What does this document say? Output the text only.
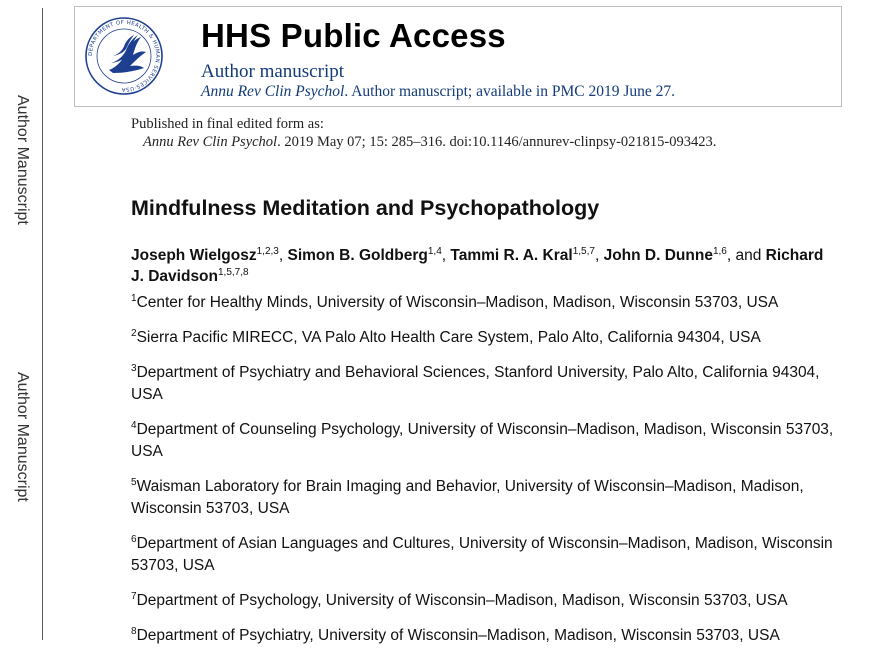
Author Manuscript
Author Manuscript
DEPARTMENT OF HEALTH & HUMAN SERVICES·USA
HHS Public Access
Author manuscript
Annu Rev Clin Psychol. Author manuscript; available in PMC 2019 June 27.
Published in final edited form as:
Annu Rev Clin Psychol. 2019 May 07; 15: 285–316. doi:10.1146/annurev-clinpsy-021815-093423.
Mindfulness Meditation and Psychopathology
Joseph Wielgosz$^{1,2,3}$, Simon B. Goldberg$^{1,4}$, Tammi R. A. Kral$^{1,5,7}$, John D. Dunne$^{1,6}$, and Richard J. Davidson$^{1,5,7,8}$
$^1$Center for Healthy Minds, University of Wisconsin–Madison, Madison, Wisconsin 53703, USA
$^2$Sierra Pacific MIRECC, VA Palo Alto Health Care System, Palo Alto, California 94304, USA
$^3$Department of Psychiatry and Behavioral Sciences, Stanford University, Palo Alto, California 94304, USA
$^4$Department of Counseling Psychology, University of Wisconsin–Madison, Madison, Wisconsin 53703, USA
$^5$Waisman Laboratory for Brain Imaging and Behavior, University of Wisconsin–Madison, Madison, Wisconsin 53703, USA
$^6$Department of Asian Languages and Cultures, University of Wisconsin–Madison, Madison, Wisconsin 53703, USA
$^7$Department of Psychology, University of Wisconsin–Madison, Madison, Wisconsin 53703, USA
$^8$Department of Psychiatry, University of Wisconsin–Madison, Madison, Wisconsin 53703, USA
